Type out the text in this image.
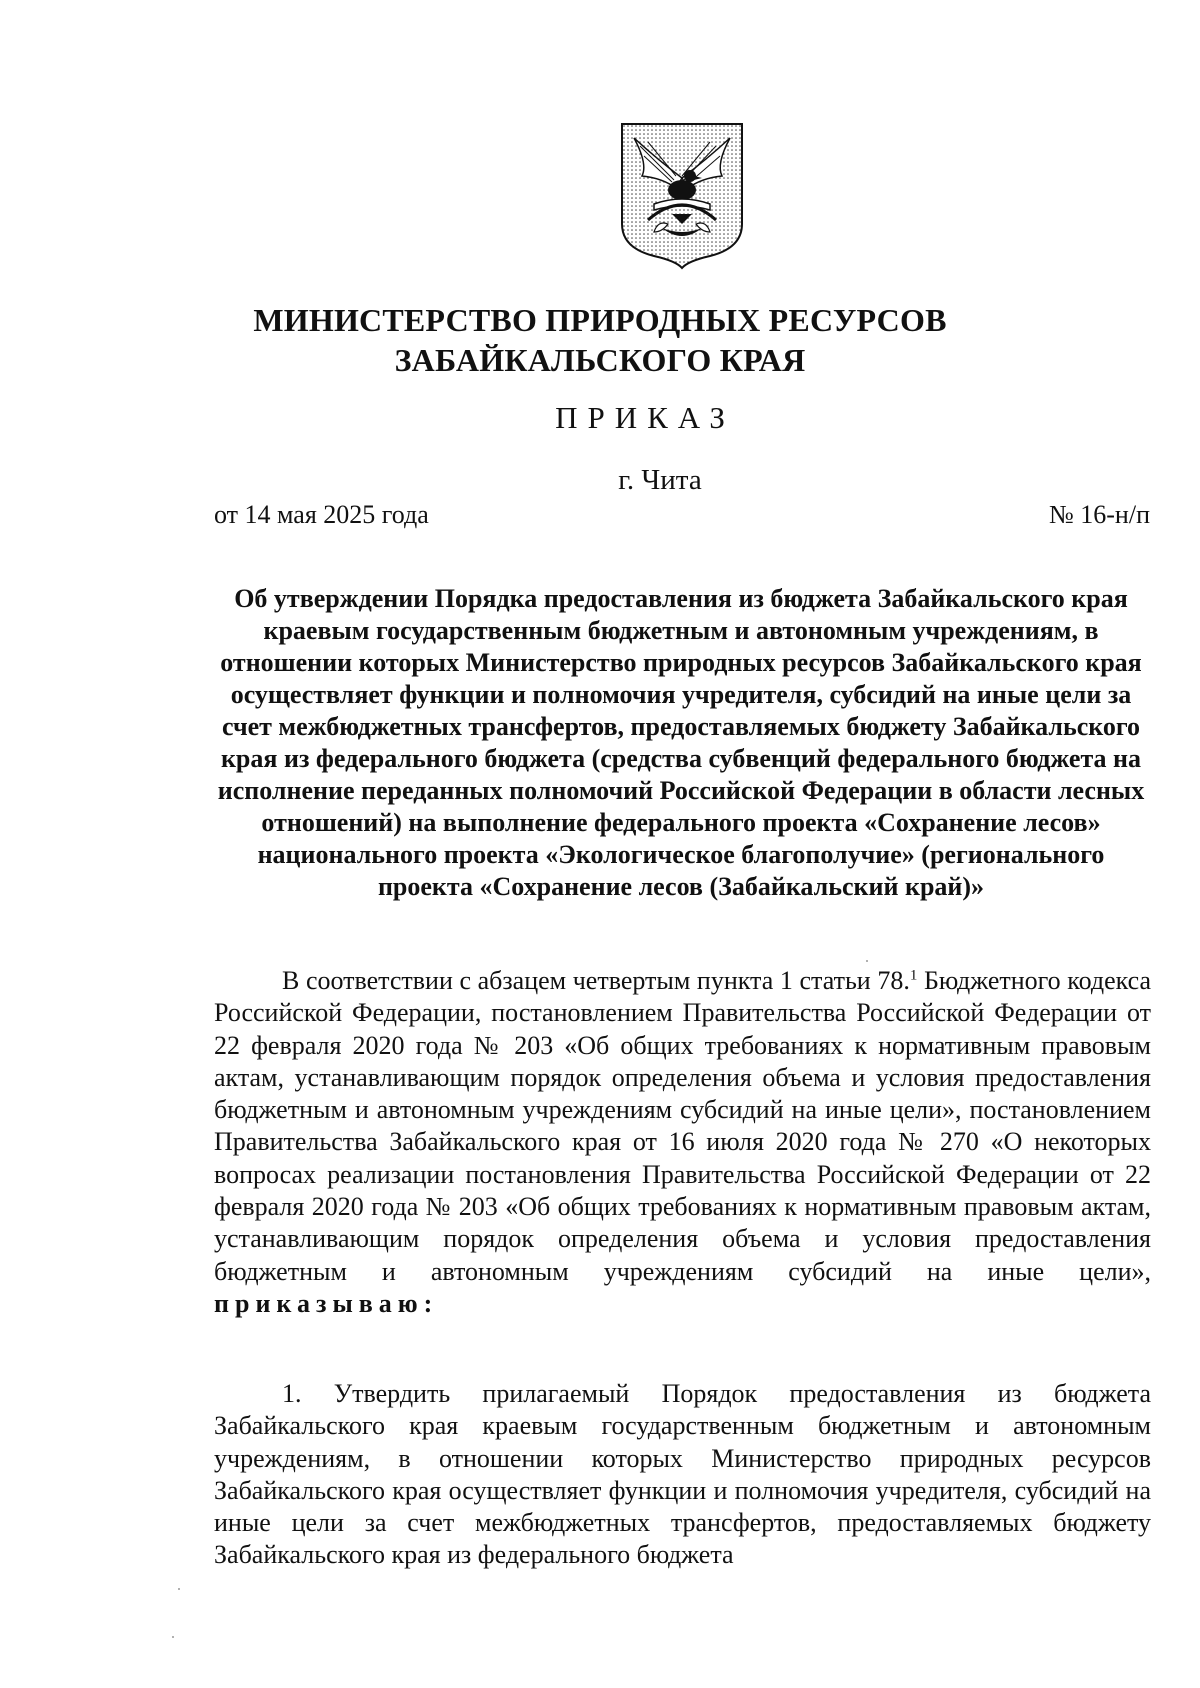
МИНИСТЕРСТВО ПРИРОДНЫХ РЕСУРСОВ
ЗАБАЙКАЛЬСКОГО КРАЯ
ПРИКАЗ
г. Чита
от 14 мая 2025 года	№ 16-н/п
Об утверждении Порядка предоставления из бюджета Забайкальского края краевым государственным бюджетным и автономным учреждениям, в отношении которых Министерство природных ресурсов Забайкальского края осуществляет функции и полномочия учредителя, субсидий на иные цели за счет межбюджетных трансфертов, предоставляемых бюджету Забайкальского края из федерального бюджета (средства субвенций федерального бюджета на исполнение переданных полномочий Российской Федерации в области лесных отношений) на выполнение федерального проекта «Сохранение лесов» национального проекта «Экологическое благополучие» (регионального проекта «Сохранение лесов (Забайкальский край)»
В соответствии с абзацем четвертым пункта 1 статьи 78.$^1$ Бюджетного кодекса Российской Федерации, постановлением Правительства Российской Федерации от 22 февраля 2020 года № 203 «Об общих требованиях к нормативным правовым актам, устанавливающим порядок определения объема и условия предоставления бюджетным и автономным учреждениям субсидий на иные цели», постановлением Правительства Забайкальского края от 16 июля 2020 года № 270 «О некоторых вопросах реализации постановления Правительства Российской Федерации от 22 февраля 2020 года № 203 «Об общих требованиях к нормативным правовым актам, устанавливающим порядок определения объема и условия предоставления бюджетным и автономным учреждениям субсидий на иные цели», приказываю:
1. Утвердить прилагаемый Порядок предоставления из бюджета Забайкальского края краевым государственным бюджетным и автономным учреждениям, в отношении которых Министерство природных ресурсов Забайкальского края осуществляет функции и полномочия учредителя, субсидий на иные цели за счет межбюджетных трансфертов, предоставляемых бюджету Забайкальского края из федерального бюджета
